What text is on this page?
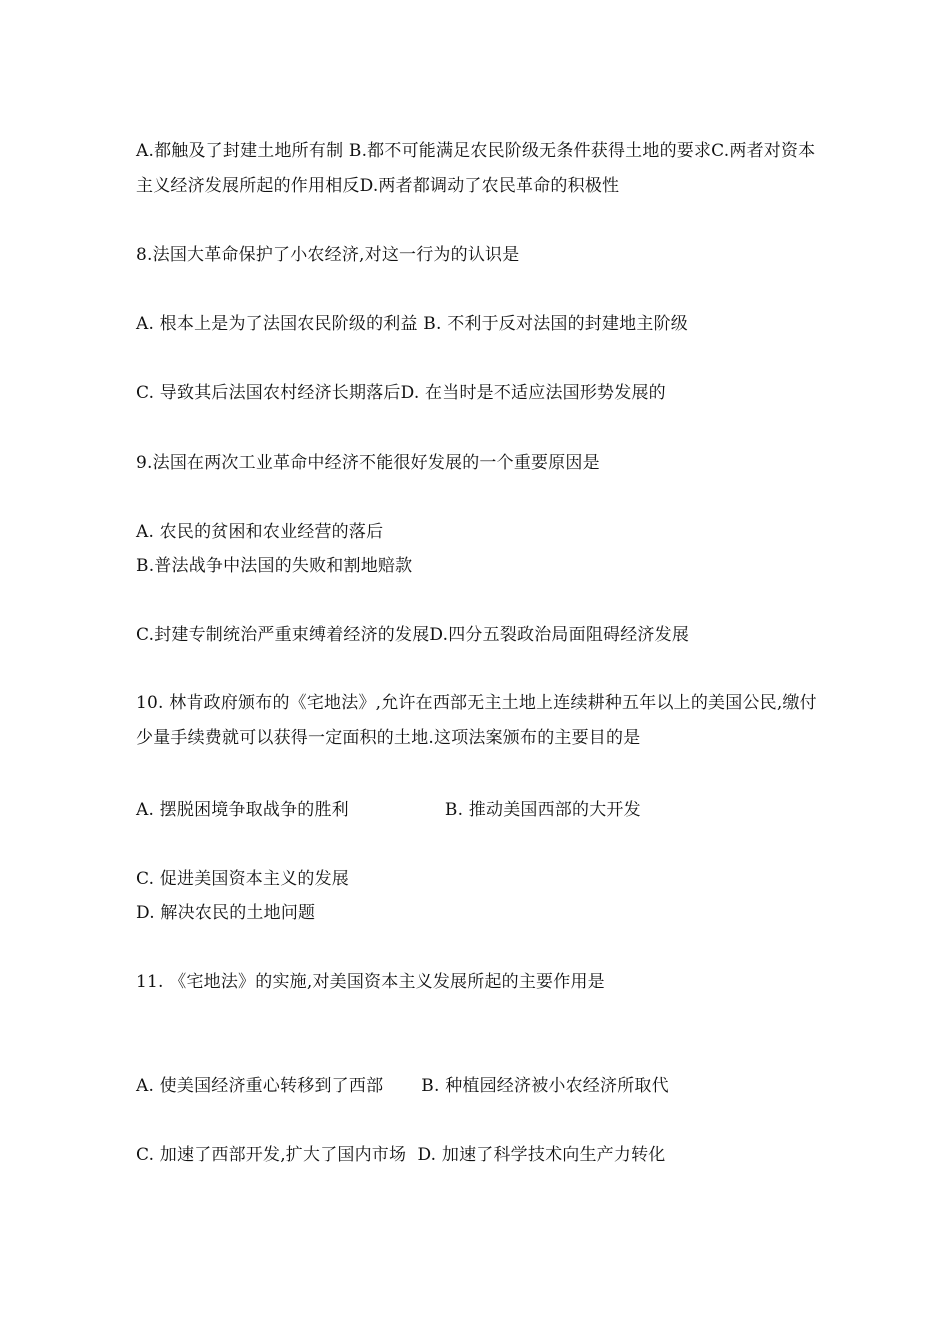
A.都触及了封建土地所有制 B.都不可能满足农民阶级无条件获得土地的要求C.两者对资本主义经济发展所起的作用相反D.两者都调动了农民革命的积极性
8.法国大革命保护了小农经济,对这一行为的认识是
A. 根本上是为了法国农民阶级的利益 B. 不利于反对法国的封建地主阶级
C. 导致其后法国农村经济长期落后D. 在当时是不适应法国形势发展的
9.法国在两次工业革命中经济不能很好发展的一个重要原因是
A. 农民的贫困和农业经营的落后
B.普法战争中法国的失败和割地赔款
C.封建专制统治严重束缚着经济的发展D.四分五裂政治局面阻碍经济发展
10. 林肯政府颁布的《宅地法》,允许在西部无主土地上连续耕种五年以上的美国公民,缴付少量手续费就可以获得一定面积的土地.这项法案颁布的主要目的是
A. 摆脱困境争取战争的胜利	B. 推动美国西部的大开发
C. 促进美国资本主义的发展
D. 解决农民的土地问题
11. 《宅地法》的实施,对美国资本主义发展所起的主要作用是
A. 使美国经济重心转移到了西部 B. 种植园经济被小农经济所取代
C. 加速了西部开发,扩大了国内市场 D. 加速了科学技术向生产力转化
